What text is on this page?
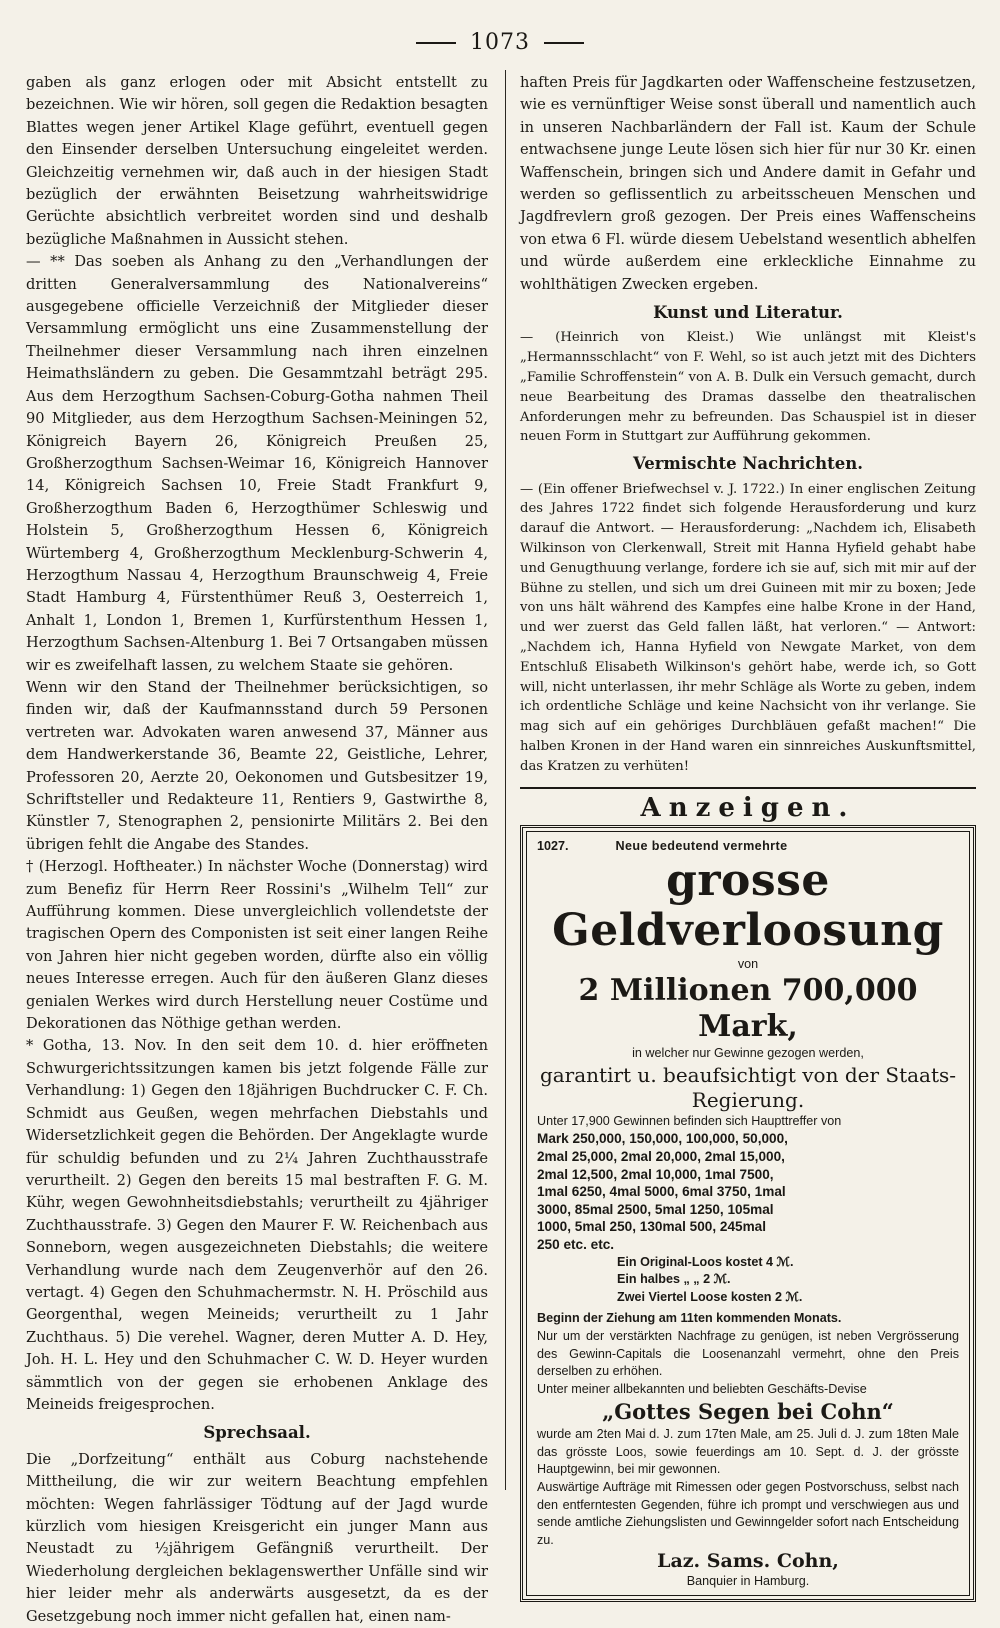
1073

gaben als ganz erlogen oder mit Absicht entstellt zu bezeichnen. Wie wir hören, soll gegen die Redaktion besagten Blattes wegen jener Artikel Klage geführt, eventuell gegen den Einsender derselben Untersuchung eingeleitet werden. Gleichzeitig vernehmen wir, daß auch in der hiesigen Stadt bezüglich der erwähnten Beisetzung wahrheitswidrige Gerüchte absichtlich verbreitet worden sind und deshalb bezügliche Maßnahmen in Aussicht stehen.

— ** Das soeben als Anhang zu den „Verhandlungen der dritten Generalversammlung des Nationalvereins“ ausgegebene officielle Verzeichniß der Mitglieder dieser Versammlung ermöglicht uns eine Zusammenstellung der Theilnehmer dieser Versammlung nach ihren einzelnen Heimathsländern zu geben. Die Gesammtzahl beträgt 295. Aus dem Herzogthum Sachsen-Coburg-Gotha nahmen Theil 90 Mitglieder, aus dem Herzogthum Sachsen-Meiningen 52, Königreich Bayern 26, Königreich Preußen 25, Großherzogthum Sachsen-Weimar 16, Königreich Hannover 14, Königreich Sachsen 10, Freie Stadt Frankfurt 9, Großherzogthum Baden 6, Herzogthümer Schleswig und Holstein 5, Großherzogthum Hessen 6, Königreich Würtemberg 4, Großherzogthum Mecklenburg-Schwerin 4, Herzogthum Nassau 4, Herzogthum Braunschweig 4, Freie Stadt Hamburg 4, Fürstenthümer Reuß 3, Oesterreich 1, Anhalt 1, London 1, Bremen 1, Kurfürstenthum Hessen 1, Herzogthum Sachsen-Altenburg 1. Bei 7 Ortsangaben müssen wir es zweifelhaft lassen, zu welchem Staate sie gehören.

Wenn wir den Stand der Theilnehmer berücksichtigen, so finden wir, daß der Kaufmannsstand durch 59 Personen vertreten war. Advokaten waren anwesend 37, Männer aus dem Handwerkerstande 36, Beamte 22, Geistliche, Lehrer, Professoren 20, Aerzte 20, Oekonomen und Gutsbesitzer 19, Schriftsteller und Redakteure 11, Rentiers 9, Gastwirthe 8, Künstler 7, Stenographen 2, pensionirte Militärs 2. Bei den übrigen fehlt die Angabe des Standes.

† (Herzogl. Hoftheater.) In nächster Woche (Donnerstag) wird zum Benefiz für Herrn Reer Rossini's „Wilhelm Tell“ zur Aufführung kommen. Diese unvergleichlich vollendetste der tragischen Opern des Componisten ist seit einer langen Reihe von Jahren hier nicht gegeben worden, dürfte also ein völlig neues Interesse erregen. Auch für den äußeren Glanz dieses genialen Werkes wird durch Herstellung neuer Costüme und Dekorationen das Nöthige gethan werden.

* Gotha, 13. Nov. In den seit dem 10. d. hier eröffneten Schwurgerichtssitzungen kamen bis jetzt folgende Fälle zur Verhandlung: 1) Gegen den 18jährigen Buchdrucker C. F. Ch. Schmidt aus Geußen, wegen mehrfachen Diebstahls und Widersetzlichkeit gegen die Behörden. Der Angeklagte wurde für schuldig befunden und zu 2¼ Jahren Zuchthausstrafe verurtheilt. 2) Gegen den bereits 15 mal bestraften F. G. M. Kühr, wegen Gewohnheitsdiebstahls; verurtheilt zu 4jähriger Zuchthausstrafe. 3) Gegen den Maurer F. W. Reichenbach aus Sonneborn, wegen ausgezeichneten Diebstahls; die weitere Verhandlung wurde nach dem Zeugenverhör auf den 26. vertagt. 4) Gegen den Schuhmachermstr. N. H. Pröschild aus Georgenthal, wegen Meineids; verurtheilt zu 1 Jahr Zuchthaus. 5) Die verehel. Wagner, deren Mutter A. D. Hey, Joh. H. L. Hey und den Schuhmacher C. W. D. Heyer wurden sämmtlich von der gegen sie erhobenen Anklage des Meineids freigesprochen.

Sprechsaal.

Die „Dorfzeitung“ enthält aus Coburg nachstehende Mittheilung, die wir zur weitern Beachtung empfehlen möchten: Wegen fahrlässiger Tödtung auf der Jagd wurde kürzlich vom hiesigen Kreisgericht ein junger Mann aus Neustadt zu ½jährigem Gefängniß verurtheilt. Der Wiederholung dergleichen beklagenswerther Unfälle sind wir hier leider mehr als anderwärts ausgesetzt, da es der Gesetzgebung noch immer nicht gefallen hat, einen nam-

haften Preis für Jagdkarten oder Waffenscheine festzusetzen, wie es vernünftiger Weise sonst überall und namentlich auch in unseren Nachbarländern der Fall ist. Kaum der Schule entwachsene junge Leute lösen sich hier für nur 30 Kr. einen Waffenschein, bringen sich und Andere damit in Gefahr und werden so geflissentlich zu arbeitsscheuen Menschen und Jagdfrevlern groß gezogen. Der Preis eines Waffenscheins von etwa 6 Fl. würde diesem Uebelstand wesentlich abhelfen und würde außerdem eine erkleckliche Einnahme zu wohlthätigen Zwecken ergeben.

Kunst und Literatur.

— (Heinrich von Kleist.) Wie unlängst mit Kleist's „Hermannsschlacht“ von F. Wehl, so ist auch jetzt mit des Dichters „Familie Schroffenstein“ von A. B. Dulk ein Versuch gemacht, durch neue Bearbeitung des Dramas dasselbe den theatralischen Anforderungen mehr zu befreunden. Das Schauspiel ist in dieser neuen Form in Stuttgart zur Aufführung gekommen.

Vermischte Nachrichten.

— (Ein offener Briefwechsel v. J. 1722.) In einer englischen Zeitung des Jahres 1722 findet sich folgende Herausforderung und kurz darauf die Antwort. — Herausforderung: „Nachdem ich, Elisabeth Wilkinson von Clerkenwall, Streit mit Hanna Hyfield gehabt habe und Genugthuung verlange, fordere ich sie auf, sich mit mir auf der Bühne zu stellen, und sich um drei Guineen mit mir zu boxen; Jede von uns hält während des Kampfes eine halbe Krone in der Hand, und wer zuerst das Geld fallen läßt, hat verloren.“ — Antwort: „Nachdem ich, Hanna Hyfield von Newgate Market, von dem Entschluß Elisabeth Wilkinson's gehört habe, werde ich, so Gott will, nicht unterlassen, ihr mehr Schläge als Worte zu geben, indem ich ordentliche Schläge und keine Nachsicht von ihr verlange. Sie mag sich auf ein gehöriges Durchbläuen gefaßt machen!“ Die halben Kronen in der Hand waren ein sinnreiches Auskunftsmittel, das Kratzen zu verhüten!

Anzeigen.
1027.	Neue bedeutend vermehrte
grosse Geldverloosung
von
2 Millionen 700,000 Mark,
in welcher nur Gewinne gezogen werden,
garantirt u. beaufsichtigt von der Staats-Regierung.
Unter 17,900 Gewinnen befinden sich Haupttreffer von
Mark 250,000, 150,000, 100,000, 50,000,
2mal 25,000, 2mal 20,000, 2mal 15,000,
2mal 12,500, 2mal 10,000, 1mal 7500,
1mal 6250, 4mal 5000, 6mal 3750, 1mal
3000, 85mal 2500, 5mal 1250, 105mal
1000, 5mal 250, 130mal 500, 245mal
250 etc. etc.
Ein Original-Loos kostet 4 ℳ.
Ein halbes „ „ 2 ℳ.
Zwei Viertel Loose kosten 2 ℳ.
Beginn der Ziehung am 11ten kommenden Monats.
Nur um der verstärkten Nachfrage zu genügen, ist neben Vergrösserung des Gewinn-Capitals die Loosenanzahl vermehrt, ohne den Preis derselben zu erhöhen.
Unter meiner allbekannten und beliebten Geschäfts-Devise
„Gottes Segen bei Cohn“
wurde am 2ten Mai d. J. zum 17ten Male, am 25. Juli d. J. zum 18ten Male das grösste Loos, sowie feuerdings am 10. Sept. d. J. der grösste Hauptgewinn, bei mir gewonnen.
Auswärtige Aufträge mit Rimessen oder gegen Postvorschuss, selbst nach den entferntesten Gegenden, führe ich prompt und verschwiegen aus und sende amtliche Ziehungslisten und Gewinngelder sofort nach Entscheidung zu.
Laz. Sams. Cohn,
Banquier in Hamburg.
